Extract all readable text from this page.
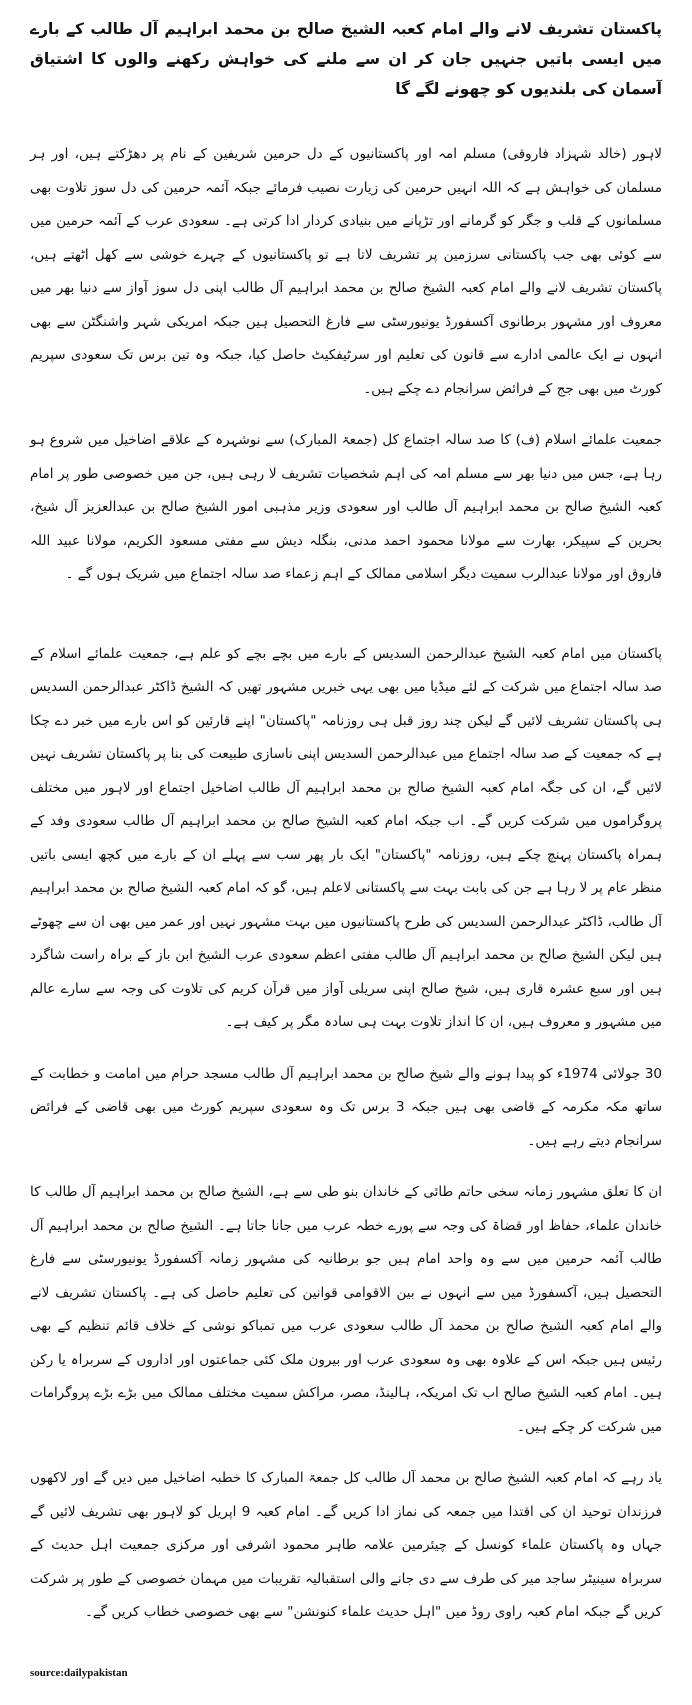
پاکستان تشریف لانے والے امام کعبہ الشیخ صالح بن محمد ابراہیم آل طالب کے بارے میں ایسی باتیں جنہیں جان کر ان سے ملنے کی خواہش رکھنے والوں کا اشتیاق آسمان کی بلندیوں کو چھونے لگے گا

لاہور (خالد شہزاد فاروقی) مسلم امہ اور پاکستانیوں کے دل حرمین شریفین کے نام پر دھڑکتے ہیں، اور ہر مسلمان کی خواہش ہے کہ اللہ انہیں حرمین کی زیارت نصیب فرمائے جبکہ آئمہ حرمین کی دل سوز تلاوت بھی مسلمانوں کے قلب و جگر کو گرمانے اور تڑپانے میں بنیادی کردار ادا کرتی ہے۔ سعودی عرب کے آئمہ حرمین میں سے کوئی بھی جب پاکستانی سرزمین پر تشریف لاتا ہے تو پاکستانیوں کے چہرے خوشی سے کھل اٹھتے ہیں، پاکستان تشریف لانے والے امام کعبہ الشیخ صالح بن محمد ابراہیم آل طالب اپنی دل سوز آواز سے دنیا بھر میں معروف اور مشہور برطانوی آکسفورڈ یونیورسٹی سے فارغ التحصیل ہیں جبکہ امریکی شہر واشنگٹن سے بھی انہوں نے ایک عالمی ادارے سے قانون کی تعلیم اور سرٹیفکیٹ حاصل کیا، جبکہ وہ تین برس تک سعودی سپریم کورٹ میں بھی جج کے فرائض سرانجام دے چکے ہیں۔

جمعیت علمائے اسلام (ف) کا صد سالہ اجتماع کل (جمعۃ المبارک) سے نوشہرہ کے علاقے اضاخیل میں شروع ہو رہا ہے، جس میں دنیا بھر سے مسلم امہ کی اہم شخصیات تشریف لا رہی ہیں، جن میں خصوصی طور پر امام کعبہ الشیخ صالح بن محمد ابراہیم آل طالب اور سعودی وزیر مذہبی امور الشیخ صالح بن عبدالعزیز آل شیخ، بحرین کے سپیکر، بھارت سے مولانا محمود احمد مدنی، بنگلہ دیش سے مفتی مسعود الکریم، مولانا عبید اللہ فاروق اور مولانا عبدالرب سمیت دیگر اسلامی ممالک کے اہم زعماء صد سالہ اجتماع میں شریک ہوں گے ۔

پاکستان میں امام کعبہ الشیخ عبدالرحمن السدیس کے بارے میں بچے بچے کو علم ہے، جمعیت علمائے اسلام کے صد سالہ اجتماع میں شرکت کے لئے میڈیا میں بھی یہی خبریں مشہور تھیں کہ الشیخ ڈاکٹر عبدالرحمن السدیس ہی پاکستان تشریف لائیں گے لیکن چند روز قبل ہی روزنامہ "پاکستان" اپنے قارئین کو اس بارے میں خبر دے چکا ہے کہ جمعیت کے صد سالہ اجتماع میں عبدالرحمن السدیس اپنی ناسازی طبیعت کی بنا پر پاکستان تشریف نہیں لائیں گے، ان کی جگہ امام کعبہ الشیخ صالح بن محمد ابراہیم آل طالب اضاخیل اجتماع اور لاہور میں مختلف پروگراموں میں شرکت کریں گے۔ اب جبکہ امام کعبہ الشیخ صالح بن محمد ابراہیم آل طالب سعودی وفد کے ہمراہ پاکستان پہنچ چکے ہیں، روزنامہ "پاکستان" ایک بار پھر سب سے پہلے ان کے بارے میں کچھ ایسی باتیں منظر عام پر لا رہا ہے جن کی بابت بہت سے پاکستانی لاعلم ہیں، گو کہ امام کعبہ الشیخ صالح بن محمد ابراہیم آل طالب، ڈاکٹر عبدالرحمن السدیس کی طرح پاکستانیوں میں بہت مشہور نہیں اور عمر میں بھی ان سے چھوٹے ہیں لیکن الشیخ صالح بن محمد ابراہیم آل طالب مفتی اعظم سعودی عرب الشیخ ابن باز کے براہ راست شاگرد ہیں اور سبع عشرہ قاری ہیں، شیخ صالح اپنی سریلی آواز میں قرآن کریم کی تلاوت کی وجہ سے سارے عالم میں مشہور و معروف ہیں، ان کا انداز تلاوت بہت ہی سادہ مگر پر کیف ہے۔

30 جولائی 1974ء کو پیدا ہونے والے شیخ صالح بن محمد ابراہیم آل طالب مسجد حرام میں امامت و خطابت کے ساتھ مکہ مکرمہ کے قاضی بھی ہیں جبکہ 3 برس تک وہ سعودی سپریم کورٹ میں بھی قاضی کے فرائض سرانجام دیتے رہے ہیں۔

ان کا تعلق مشہور زمانہ سخی حاتم طائی کے خاندان بنو طی سے ہے، الشیخ صالح بن محمد ابراہیم آل طالب کا خاندان علماء، حفاظ اور قضاۃ کی وجہ سے پورے خطہ عرب میں جانا جاتا ہے۔ الشیخ صالح بن محمد ابراہیم آل طالب آئمہ حرمین میں سے وہ واحد امام ہیں جو برطانیہ کی مشہور زمانہ آکسفورڈ یونیورسٹی سے فارغ التحصیل ہیں، آکسفورڈ میں سے انہوں نے بین الاقوامی قوانین کی تعلیم حاصل کی ہے۔ پاکستان تشریف لانے والے امام کعبہ الشیخ صالح بن محمد آل طالب سعودی عرب میں تمباکو نوشی کے خلاف قائم تنظیم کے بھی رئیس ہیں جبکہ اس کے علاوہ بھی وہ سعودی عرب اور بیرون ملک کئی جماعتوں اور اداروں کے سربراہ یا رکن ہیں۔ امام کعبہ الشیخ صالح اب تک امریکہ، ہالینڈ، مصر، مراکش سمیت مختلف ممالک میں بڑے بڑے پروگرامات میں شرکت کر چکے ہیں۔

یاد رہے کہ امام کعبہ الشیخ صالح بن محمد آل طالب کل جمعۃ المبارک کا خطبہ اضاخیل میں دیں گے اور لاکھوں فرزندان توحید ان کی اقتدا میں جمعہ کی نماز ادا کریں گے۔ امام کعبہ 9 اپریل کو لاہور بھی تشریف لائیں گے جہاں وہ پاکستان علماء کونسل کے چیئرمین علامہ طاہر محمود اشرفی اور مرکزی جمعیت اہل حدیث کے سربراہ سینیٹر ساجد میر کی طرف سے دی جانے والی استقبالیہ تقریبات میں مہمان خصوصی کے طور پر شرکت کریں گے جبکہ امام کعبہ راوی روڈ میں "اہل حدیث علماء کنونشن" سے بھی خصوصی خطاب کریں گے۔

source:dailypakistan
